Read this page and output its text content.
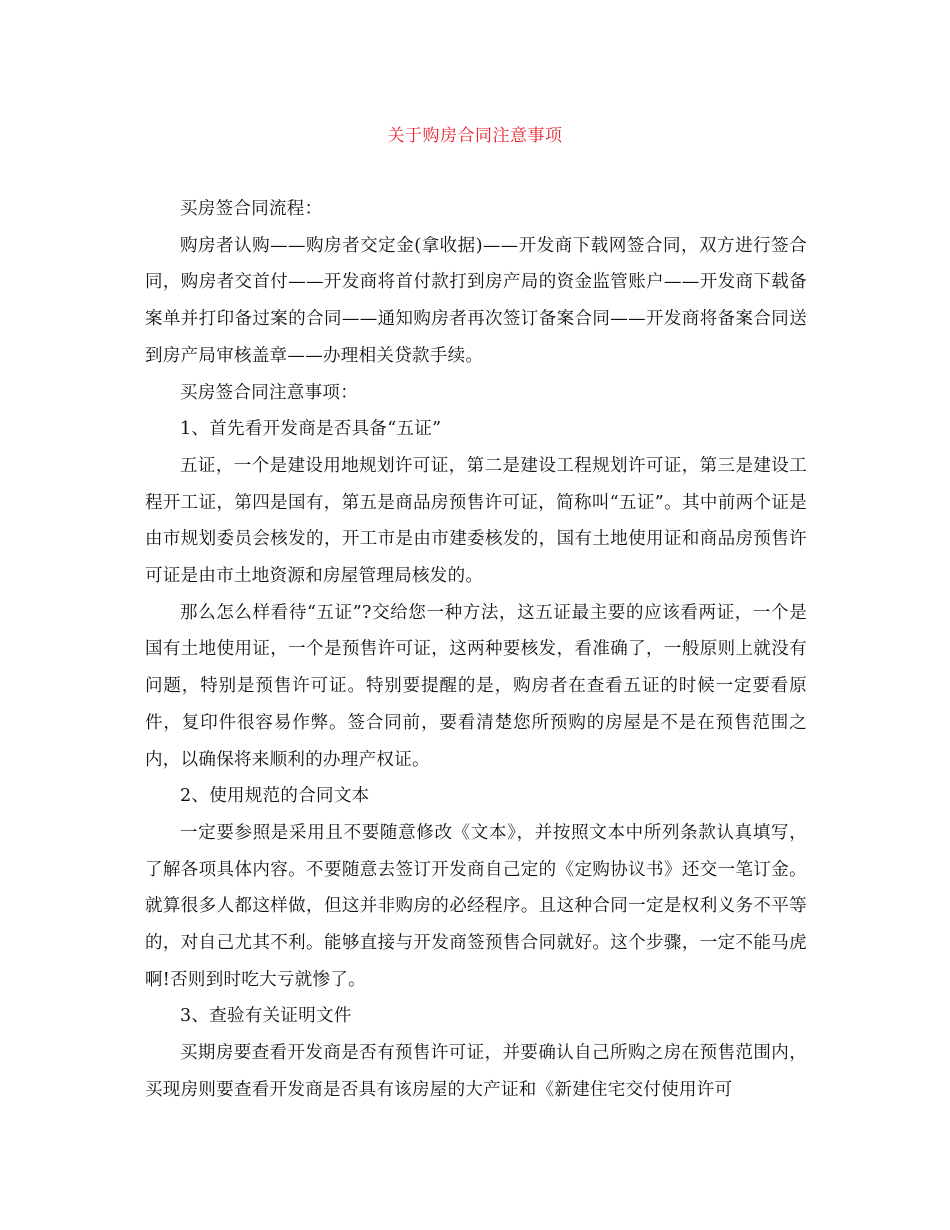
关于购房合同注意事项

买房签合同流程：

购房者认购——购房者交定金(拿收据)——开发商下载网签合同，双方进行签合同，购房者交首付——开发商将首付款打到房产局的资金监管账户——开发商下载备案单并打印备过案的合同——通知购房者再次签订备案合同——开发商将备案合同送到房产局审核盖章——办理相关贷款手续。

买房签合同注意事项：

1、首先看开发商是否具备“五证”

五证，一个是建设用地规划许可证，第二是建设工程规划许可证，第三是建设工程开工证，第四是国有，第五是商品房预售许可证，简称叫“五证”。其中前两个证是由市规划委员会核发的，开工市是由市建委核发的，国有土地使用证和商品房预售许可证是由市土地资源和房屋管理局核发的。

那么怎么样看待“五证”?交给您一种方法，这五证最主要的应该看两证，一个是国有土地使用证，一个是预售许可证，这两种要核发，看准确了，一般原则上就没有问题，特别是预售许可证。特别要提醒的是，购房者在查看五证的时候一定要看原件，复印件很容易作弊。签合同前，要看清楚您所预购的房屋是不是在预售范围之内，以确保将来顺利的办理产权证。

2、使用规范的合同文本

一定要参照是采用且不要随意修改《文本》，并按照文本中所列条款认真填写，了解各项具体内容。不要随意去签订开发商自己定的《定购协议书》还交一笔订金。就算很多人都这样做，但这并非购房的必经程序。且这种合同一定是权利义务不平等的，对自己尤其不利。能够直接与开发商签预售合同就好。这个步骤，一定不能马虎啊!否则到时吃大亏就惨了。

3、查验有关证明文件

买期房要查看开发商是否有预售许可证，并要确认自己所购之房在预售范围内，买现房则要查看开发商是否具有该房屋的大产证和《新建住宅交付使用许可
